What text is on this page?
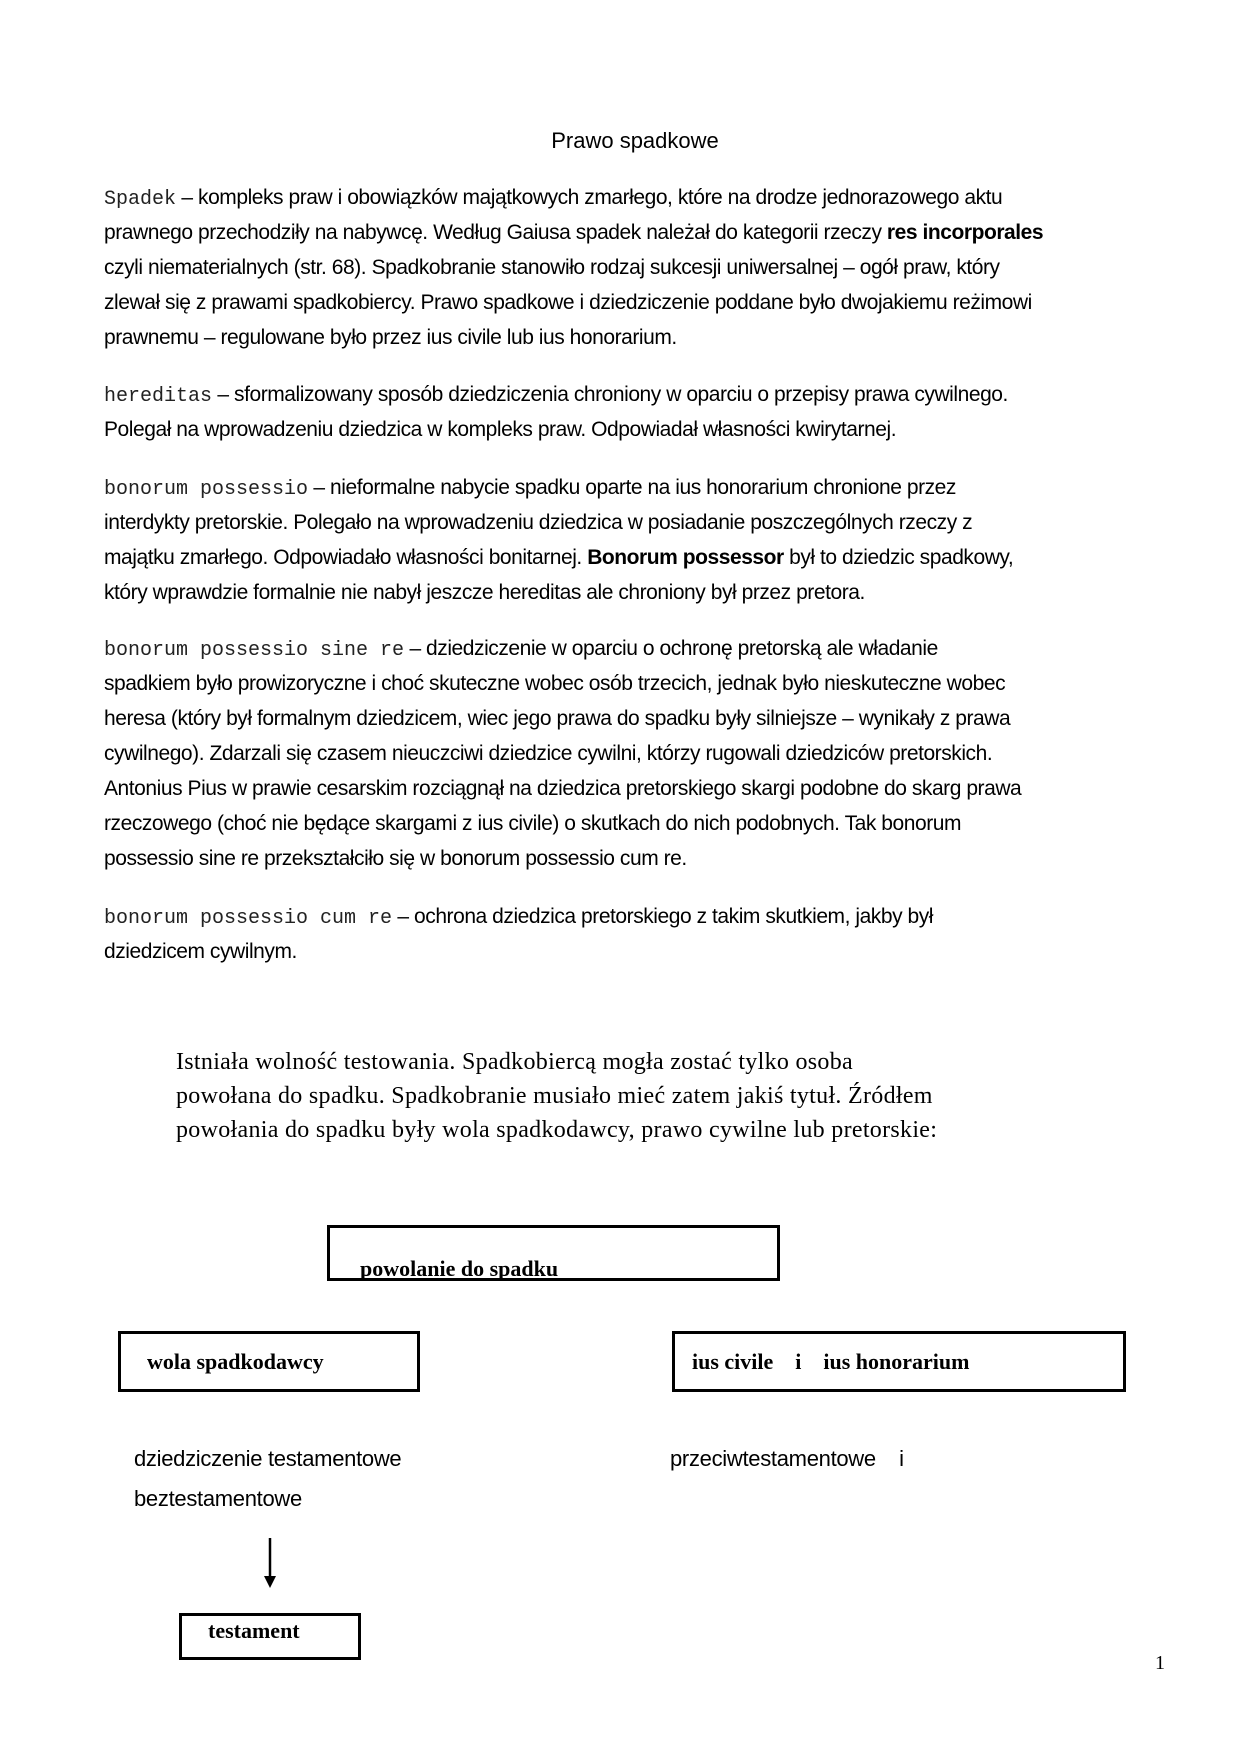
Prawo spadkowe
Spadek – kompleks praw i obowiązków majątkowych zmarłego, które na drodze jednorazowego aktu
prawnego przechodziły na nabywcę. Według Gaiusa spadek należał do kategorii rzeczy res incorporales
czyli niematerialnych (str. 68). Spadkobranie stanowiło rodzaj sukcesji uniwersalnej – ogół praw, który
zlewał się z prawami spadkobiercy. Prawo spadkowe i dziedziczenie poddane było dwojakiemu reżimowi
prawnemu – regulowane było przez ius civile lub ius honorarium.
hereditas – sformalizowany sposób dziedziczenia chroniony w oparciu o przepisy prawa cywilnego.
Polegał na wprowadzeniu dziedzica w kompleks praw. Odpowiadał własności kwirytarnej.
bonorum possessio – nieformalne nabycie spadku oparte na ius honorarium chronione przez
interdykty pretorskie. Polegało na wprowadzeniu dziedzica w posiadanie poszczególnych rzeczy z
majątku zmarłego. Odpowiadało własności bonitarnej. Bonorum possessor był to dziedzic spadkowy,
który wprawdzie formalnie nie nabył jeszcze hereditas ale chroniony był przez pretora.
bonorum possessio sine re – dziedziczenie w oparciu o ochronę pretorską ale władanie
spadkiem było prowizoryczne i choć skuteczne wobec osób trzecich, jednak było nieskuteczne wobec
heresa (który był formalnym dziedzicem, wiec jego prawa do spadku były silniejsze – wynikały z prawa
cywilnego). Zdarzali się czasem nieuczciwi dziedzice cywilni, którzy rugowali dziedziców pretorskich.
Antonius Pius w prawie cesarskim rozciągnął na dziedzica pretorskiego skargi podobne do skarg prawa
rzeczowego (choć nie będące skargami z ius civile) o skutkach do nich podobnych. Tak bonorum
possessio sine re przekształciło się w bonorum possessio cum re.
bonorum possessio cum re – ochrona dziedzica pretorskiego z takim skutkiem, jakby był
dziedzicem cywilnym.
Istniała wolność testowania. Spadkobiercą mogła zostać tylko osoba
powołana do spadku. Spadkobranie musiało mieć zatem jakiś tytuł. Źródłem
powołania do spadku były wola spadkodawcy, prawo cywilne lub pretorskie:
powolanie do spadku
wola spadkodawcy	ius civile    i    ius honorarium
dziedziczenie testamentowe
beztestamentowe
przeciwtestamentowe    i
testament
1
